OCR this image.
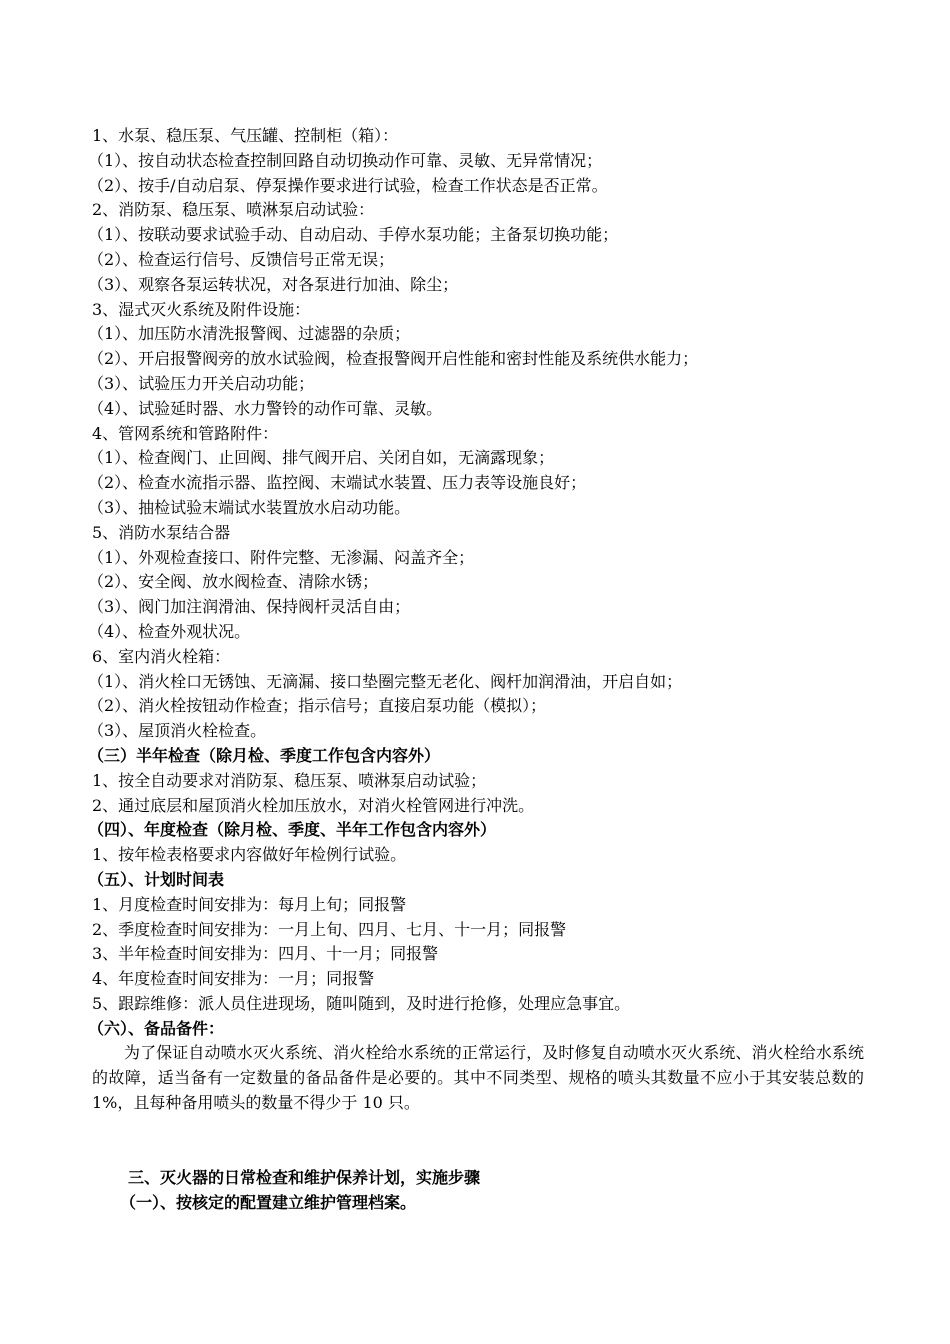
1、水泵、稳压泵、气压罐、控制柜（箱）：
（1）、按自动状态检查控制回路自动切换动作可靠、灵敏、无异常情况；
（2）、按手/自动启泵、停泵操作要求进行试验，检查工作状态是否正常。
2、消防泵、稳压泵、喷淋泵启动试验：
（1）、按联动要求试验手动、自动启动、手停水泵功能；主备泵切换功能；
（2）、检查运行信号、反馈信号正常无误；
（3）、观察各泵运转状况，对各泵进行加油、除尘；
3、湿式灭火系统及附件设施：
（1）、加压防水清洗报警阀、过滤器的杂质；
（2）、开启报警阀旁的放水试验阀，检查报警阀开启性能和密封性能及系统供水能力；
（3）、试验压力开关启动功能；
（4）、试验延时器、水力警铃的动作可靠、灵敏。
4、管网系统和管路附件：
（1）、检查阀门、止回阀、排气阀开启、关闭自如，无滴露现象；
（2）、检查水流指示器、监控阀、末端试水装置、压力表等设施良好；
（3）、抽检试验末端试水装置放水启动功能。
5、消防水泵结合器
（1）、外观检查接口、附件完整、无渗漏、闷盖齐全；
（2）、安全阀、放水阀检查、清除水锈；
（3）、阀门加注润滑油、保持阀杆灵活自由；
（4）、检查外观状况。
6、室内消火栓箱：
（1）、消火栓口无锈蚀、无滴漏、接口垫圈完整无老化、阀杆加润滑油，开启自如；
（2）、消火栓按钮动作检查；指示信号；直接启泵功能（模拟）；
（3）、屋顶消火栓检查。
（三）半年检查（除月检、季度工作包含内容外）
1、按全自动要求对消防泵、稳压泵、喷淋泵启动试验；
2、通过底层和屋顶消火栓加压放水，对消火栓管网进行冲洗。
（四）、年度检查（除月检、季度、半年工作包含内容外）
1、按年检表格要求内容做好年检例行试验。
（五）、计划时间表
1、月度检查时间安排为：每月上旬；同报警
2、季度检查时间安排为：一月上旬、四月、七月、十一月；同报警
3、半年检查时间安排为：四月、十一月；同报警
4、年度检查时间安排为：一月；同报警
5、跟踪维修：派人员住进现场，随叫随到，及时进行抢修，处理应急事宜。
（六）、备品备件：
为了保证自动喷水灭火系统、消火栓给水系统的正常运行，及时修复自动喷水灭火系统、消火栓给水系统的故障，适当备有一定数量的备品备件是必要的。其中不同类型、规格的喷头其数量不应小于其安装总数的 1%，且每种备用喷头的数量不得少于 10 只。
三、灭火器的日常检查和维护保养计划，实施步骤
（一）、按核定的配置建立维护管理档案。
